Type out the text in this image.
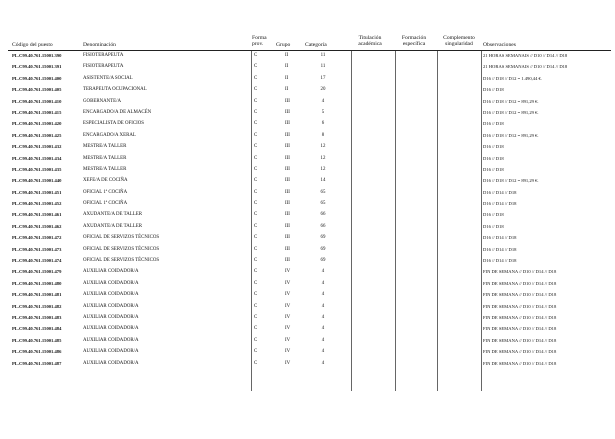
Código del puesto	Denominación
Forma
prov.	Grupo	Categoría
Titulación
académica
Formación
específica
Complemento
singularidad	Observaciones
PL.C99.40.761.15001.390	FISIOTERAPEUTA	C	II	11	21 HORAS SEMANAIS // D10 // D14 // D18
PL.C99.40.761.15001.391	FISIOTERAPEUTA	C	II	11	21 HORAS SEMANAIS // D10 // D14 // D18
PL.C99.40.761.15001.400	ASISTENTE/A SOCIAL	C	II	17	D16 // D18 // D12 = 1.490,44 €.
PL.C99.40.761.15001.405	TERAPEUTA OCUPACIONAL	C	II	20	D16 // D18
PL.C99.40.761.15001.410	GOBERNANTE/A	C	III	4	D16 // D18 // D12 = 891,29 €.
PL.C99.40.761.15001.415	ENCARGADO/A DE ALMACÉN	C	III	5	D16 // D18 // D12 = 891,29 €.
PL.C99.40.761.15001.420	ESPECIALISTA DE OFICIOS	C	III	6	D16 // D18
PL.C99.40.761.15001.425	ENCARGADO/A XERAL	C	III	8	D16 // D18 // D12 = 891,29 €.
PL.C99.40.761.15001.432	MESTRE/A TALLER	C	III	12	D16 // D18
PL.C99.40.761.15001.434	MESTRE/A TALLER	C	III	12	D16 // D18
PL.C99.40.761.15001.435	MESTRE/A TALLER	C	III	12	D16 // D18
PL.C99.40.761.15001.440	XEFE/A DE COCIÑA	C	III	14	D16 // D18 // D12 = 891,29 €.
PL.C99.40.761.15001.451	OFICIAL 1ª COCIÑA	C	III	65	D16 // D14 // D18
PL.C99.40.761.15001.452	OFICIAL 1ª COCIÑA	C	III	65	D16 // D14 // D18
PL.C99.40.761.15001.461	AXUDANTE/A DE TALLER	C	III	66	D16 // D18
PL.C99.40.761.15001.462	AXUDANTE/A DE TALLER	C	III	66	D16 // D18
PL.C99.40.761.15001.472	OFICIAL DE SERVIZOS TÉCNICOS	C	III	69	D16 // D14 // D18
PL.C99.40.761.15001.473	OFICIAL DE SERVIZOS TÉCNICOS	C	III	69	D16 // D14 // D18
PL.C99.40.761.15001.474	OFICIAL DE SERVIZOS TÉCNICOS	C	III	69	D16 // D14 // D18
PL.C99.40.761.15001.479	AUXILIAR COIDADOR/A	C	IV	4	FIN DE SEMANA // D10 // D14 // D18
PL.C99.40.761.15001.480	AUXILIAR COIDADOR/A	C	IV	4	FIN DE SEMANA // D10 // D14 // D18
PL.C99.40.761.15001.481	AUXILIAR COIDADOR/A	C	IV	4	FIN DE SEMANA // D10 // D14 // D18
PL.C99.40.761.15001.482	AUXILIAR COIDADOR/A	C	IV	4	FIN DE SEMANA // D10 // D14 // D18
PL.C99.40.761.15001.483	AUXILIAR COIDADOR/A	C	IV	4	FIN DE SEMANA // D10 // D14 // D18
PL.C99.40.761.15001.484	AUXILIAR COIDADOR/A	C	IV	4	FIN DE SEMANA // D10 // D14 // D18
PL.C99.40.761.15001.485	AUXILIAR COIDADOR/A	C	IV	4	FIN DE SEMANA // D10 // D14 // D18
PL.C99.40.761.15001.486	AUXILIAR COIDADOR/A	C	IV	4	FIN DE SEMANA // D10 // D14 // D18
PL.C99.40.761.15001.487	AUXILIAR COIDADOR/A	C	IV	4	FIN DE SEMANA // D10 // D14 // D18
